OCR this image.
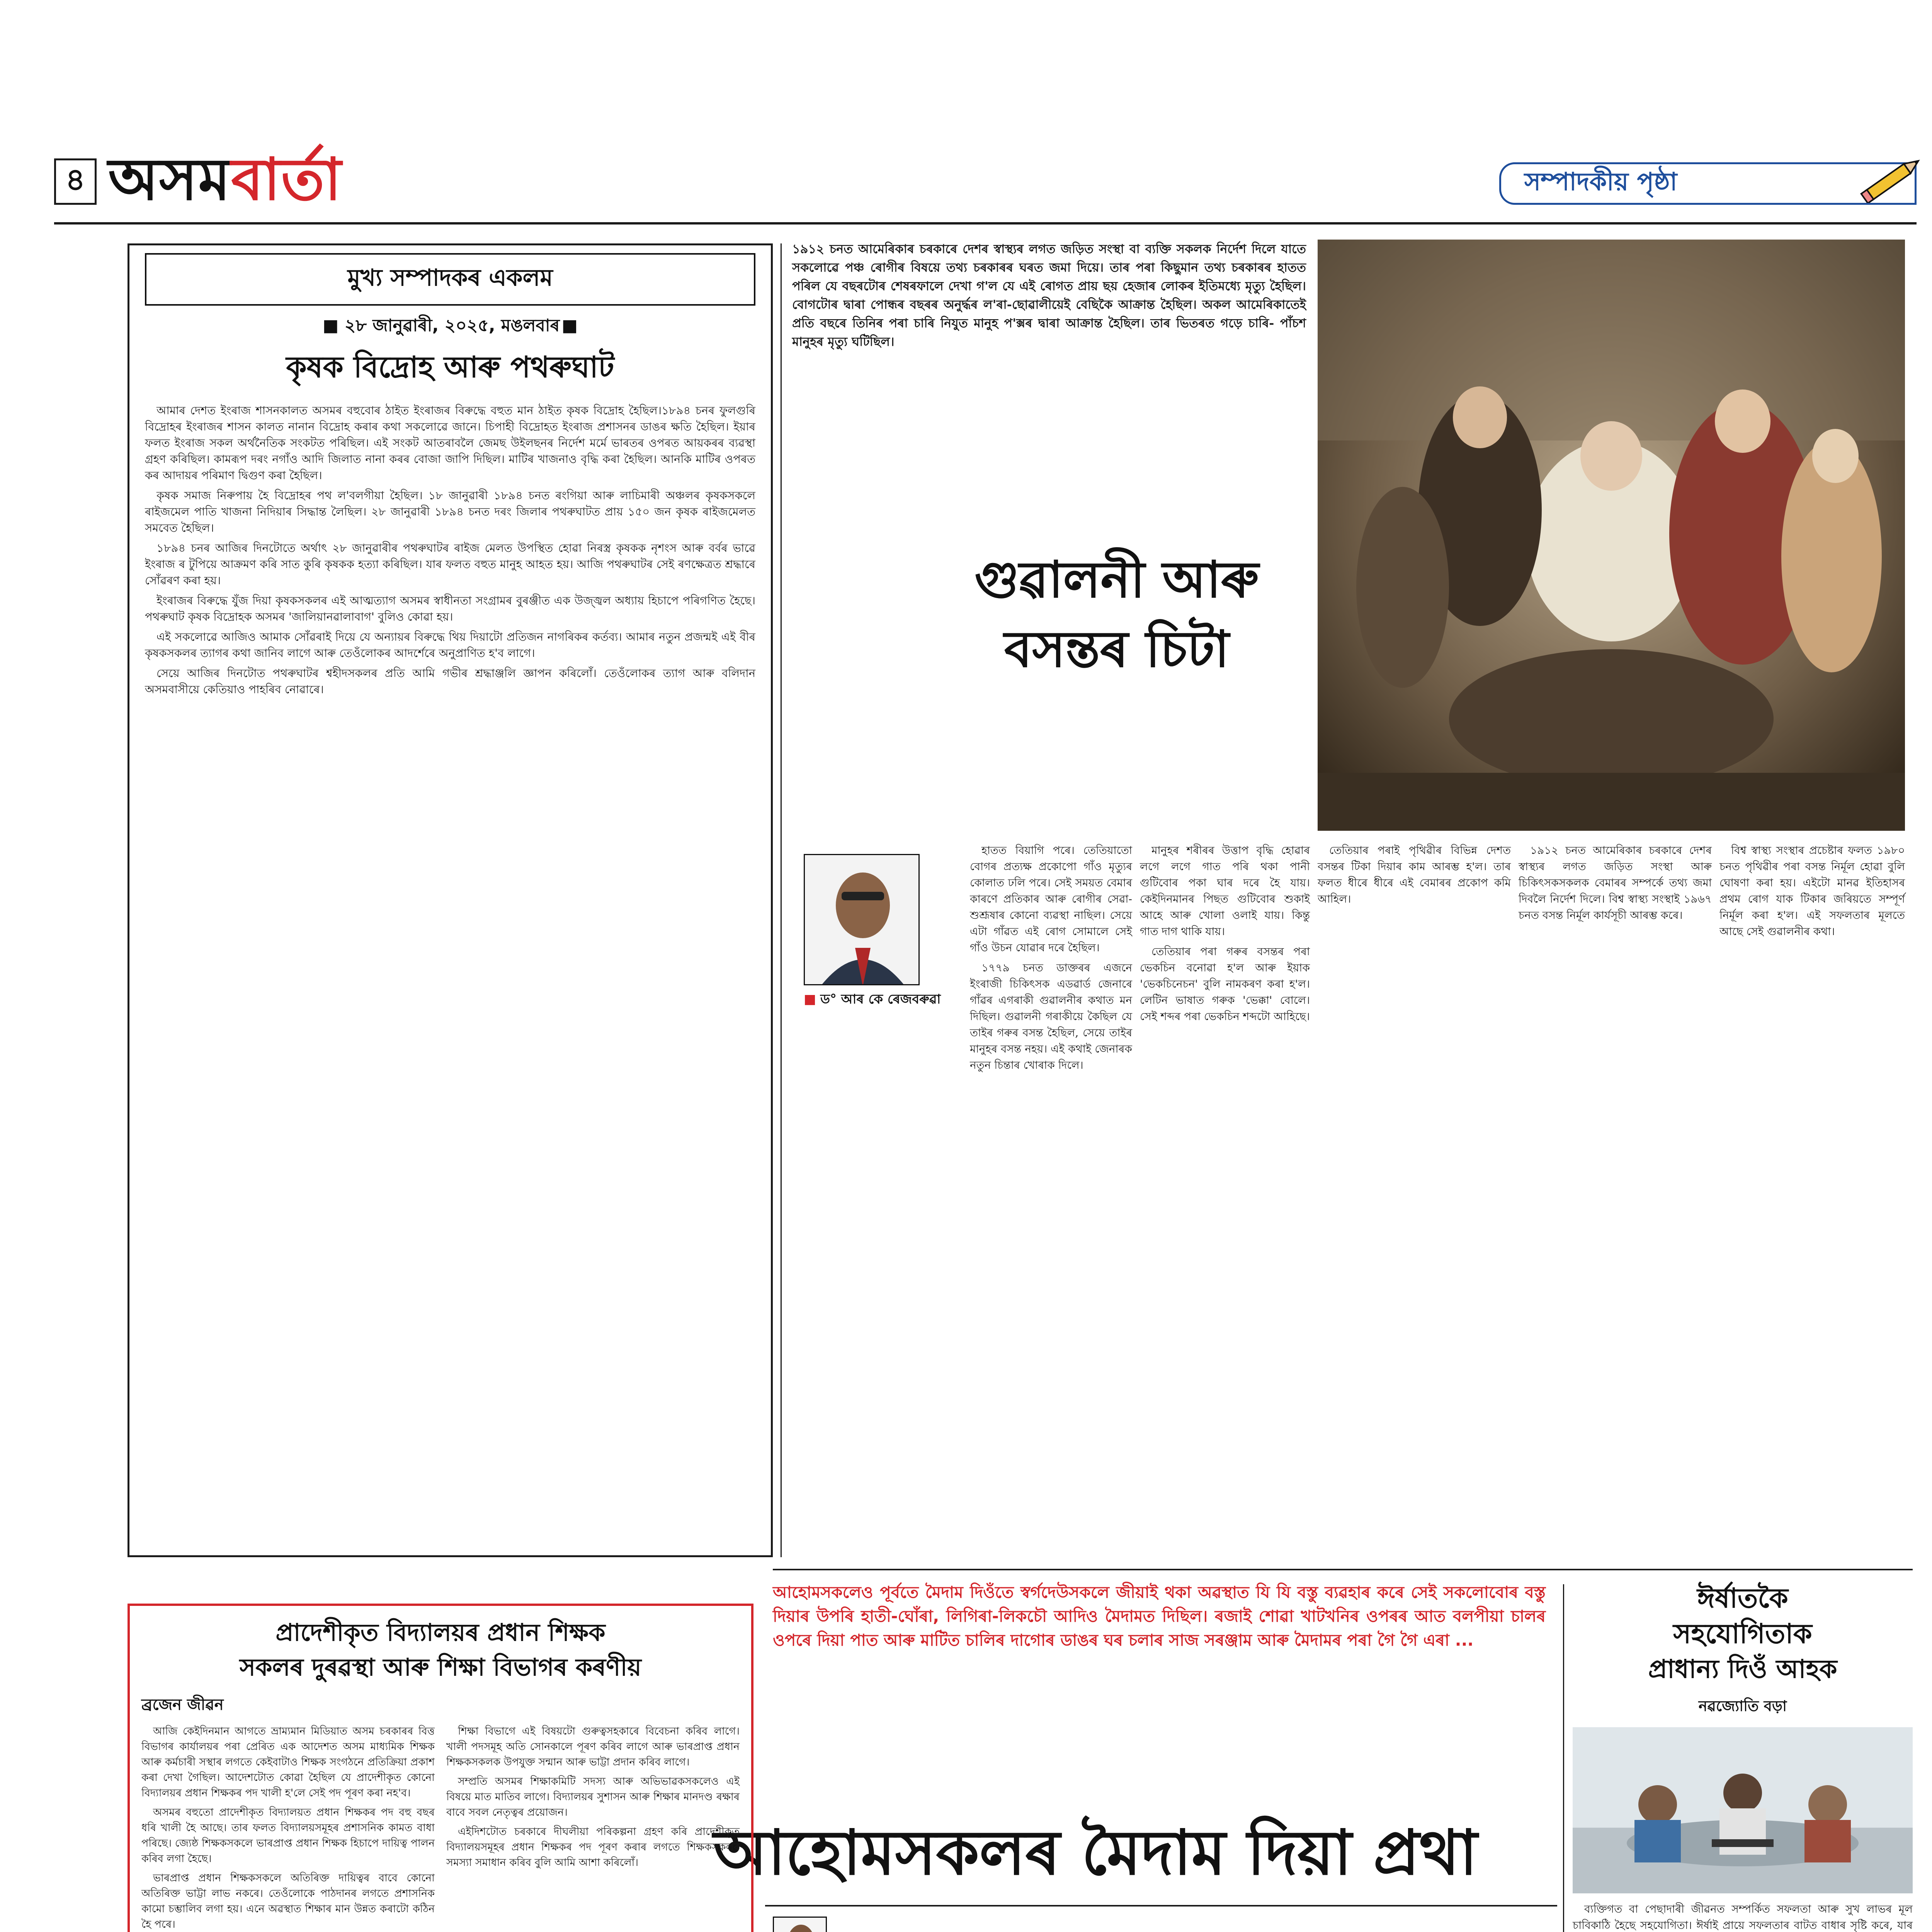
৪ অসম বাৰ্তা	সম্পাদকীয় পৃষ্ঠা
মুখ্য সম্পাদকৰ একলম
■ ২৮ জানুৱাৰী, ২০২৫, মঙলবাৰ ■
কৃষক বিদ্ৰোহ আৰু পথৰুঘাট

আমাৰ দেশত ইংৰাজ শাসনকালত অসমৰ বহুবোৰ ঠাইত ইংৰাজৰ বিৰুদ্ধে বহুত মান ঠাইত কৃষক বিদ্ৰোহ হৈছিল।১৮৯৪ চনৰ ফুলগুৰি বিদ্ৰোহৰ ইংৰাজৰ শাসন কালত নানান বিদ্ৰোহ কৰাৰ কথা সকলোৱে জানে। চিপাহী বিদ্ৰোহত ইংৰাজ প্ৰশাসনৰ ডাঙৰ ক্ষতি হৈছিল। ইয়াৰ ফলত ইংৰাজ সকল অৰ্থনৈতিক সংকটত পৰিছিল। এই সংকট আতৰাবলৈ জেমছ উইলছনৰ নিৰ্দেশ মৰ্মে ভাৰতৰ ওপৰত আয়কৰৰ ব্যৱস্থা গ্ৰহণ কৰিছিল। কামৰূপ দৰং নগাঁও আদি জিলাত নানা কৰৰ বোজা জাপি দিছিল। মাটিৰ খাজনাও বৃদ্ধি কৰা হৈছিল। আনকি মাটিৰ ওপৰত কৰ আদায়ৰ পৰিমাণ দ্বিগুণ কৰা হৈছিল।

কৃষক সমাজ নিৰুপায় হৈ বিদ্ৰোহৰ পথ ল'বলগীয়া হৈছিল। ১৮ জানুৱাৰী ১৮৯৪ চনত ৰংগিয়া আৰু লাচিমাৰী অঞ্চলৰ কৃষকসকলে ৰাইজমেল পাতি খাজনা নিদিয়াৰ সিদ্ধান্ত লৈছিল। ২৮ জানুৱাৰী ১৮৯৪ চনত দৰং জিলাৰ পথৰুঘাটত প্ৰায় ১৫০ জন কৃষক ৰাইজমেলত সমবেত হৈছিল।

১৮৯৪ চনৰ আজিৰ দিনটোতে অৰ্থাৎ ২৮ জানুৱাৰীৰ পথৰুঘাটৰ ৰাইজ মেলত উপস্থিত হোৱা নিৰস্ত্ৰ কৃষকক নৃশংস আৰু বৰ্বৰ ভাৱে ইংৰাজ ৰ টুপিয়ে আক্ৰমণ কৰি সাত কুৰি কৃষকক হত্যা কৰিছিল। যাৰ ফলত বহুত মানুহ আহত হয়। আজি পথৰুঘাটৰ সেই ৰণক্ষেত্ৰত শ্ৰদ্ধাৰে সোঁৱৰণ কৰা হয়।

ইংৰাজৰ বিৰুদ্ধে যুঁজ দিয়া কৃষকসকলৰ এই আত্মত্যাগ অসমৰ স্বাধীনতা সংগ্ৰামৰ বুৰঞ্জীত এক উজ্জ্বল অধ্যায় হিচাপে পৰিগণিত হৈছে। পথৰুঘাট কৃষক বিদ্ৰোহক অসমৰ 'জালিয়ানৱালাবাগ' বুলিও কোৱা হয়।

এই সকলোৱে আজিও আমাক সোঁৱৰাই দিয়ে যে অন্যায়ৰ বিৰুদ্ধে থিয় দিয়াটো প্ৰতিজন নাগৰিকৰ কৰ্তব্য। আমাৰ নতুন প্ৰজন্মই এই বীৰ কৃষকসকলৰ ত্যাগৰ কথা জানিব লাগে আৰু তেওঁলোকৰ আদৰ্শেৰে অনুপ্ৰাণিত হ'ব লাগে।

সেয়ে আজিৰ দিনটোত পথৰুঘাটৰ শ্বহীদসকলৰ প্ৰতি আমি গভীৰ শ্ৰদ্ধাঞ্জলি জ্ঞাপন কৰিলোঁ। তেওঁলোকৰ ত্যাগ আৰু বলিদান অসমবাসীয়ে কেতিয়াও পাহৰিব নোৱাৰে।

১৯১২ চনত আমেৰিকাৰ চৰকাৰে দেশৰ স্বাস্থ্যৰ লগত জড়িত সংস্থা বা ব্যক্তি সকলক নিৰ্দেশ দিলে যাতে সকলোৱে পঞ্চ ৰোগীৰ বিষয়ে তথ্য চৰকাৰৰ ঘৰত জমা দিয়ে। তাৰ পৰা কিছুমান তথ্য চৰকাৰৰ হাতত পৰিল যে বছৰটোৰ শেষৰফালে দেখা গ'ল যে এই ৰোগত প্ৰায় ছয় হেজাৰ লোকৰ ইতিমধ্যে মৃত্যু হৈছিল। বোগটোৰ দ্বাৰা পোন্ধৰ বছৰৰ অনুৰ্দ্ধৰ ল'ৰা-ছোৱালীয়েই বেছিকৈ আক্ৰান্ত হৈছিল। অকল আমেৰিকাতেই প্ৰতি বছৰে তিনিৰ পৰা চাৰি নিযুত মানুহ প'ক্সৰ দ্বাৰা আক্ৰান্ত হৈছিল। তাৰ ভিতৰত গড়ে চাৰি- পাঁচশ মানুহৰ মৃত্যু ঘটিছিল।
গুৱালনী আৰু
বসন্তৰ চিটা
■ ড° আৰ কে ৰেজবৰুৱা

হাতত বিয়াগি পৰে। তেতিয়াতো বোগৰ প্ৰত্যক্ষ প্ৰকোপো গাঁও মৃত্যুৰ কোলাত ঢলি পৰে। সেই সময়ত বেমাৰ কাৰণে প্ৰতিকাৰ আৰু ৰোগীৰ সেৱা-শুশ্ৰূষাৰ কোনো ব্যৱস্থা নাছিল। সেয়ে এটা গাঁৱত এই ৰোগ সোমালে সেই গাঁও উচন যোৱাৰ দৰে হৈছিল।

১৭৭৯ চনত ডাক্তৰৰ এজনে ইংৰাজী চিকিৎসক এডৱাৰ্ড জেনাৰে গাঁৱৰ এগৰাকী গুৱালনীৰ কথাত মন দিছিল। গুৱালনী গৰাকীয়ে কৈছিল যে তাইৰ গৰুৰ বসন্ত হৈছিল, সেয়ে তাইৰ মানুহৰ বসন্ত নহয়। এই কথাই জেনাৰক নতুন চিন্তাৰ খোৰাক দিলে।

মানুহৰ শৰীৰৰ উত্তাপ বৃদ্ধি হোৱাৰ লগে লগে গাত পৰি থকা পানী গুটিবোৰ পকা ঘাৰ দৰে হৈ যায়। কেইদিনমানৰ পিছত গুটিবোৰ শুকাই আহে আৰু খোলা ওলাই যায়। কিন্তু গাত দাগ থাকি যায়।

তেতিয়াৰ পৰা গৰুৰ বসন্তৰ পৰা ভেকচিন বনোৱা হ'ল আৰু ইয়াক 'ভেকচিনেচন' বুলি নামকৰণ কৰা হ'ল। লেটিন ভাষাত গৰুক 'ভেক্কা' বোলে। সেই শব্দৰ পৰা ভেকচিন শব্দটো আহিছে।

তেতিয়াৰ পৰাই পৃথিৱীৰ বিভিন্ন দেশত বসন্তৰ টিকা দিয়াৰ কাম আৰম্ভ হ'ল। তাৰ ফলত ধীৰে ধীৰে এই বেমাৰৰ প্ৰকোপ কমি আহিল।

১৯১২ চনত আমেৰিকাৰ চৰকাৰে দেশৰ স্বাস্থ্যৰ লগত জড়িত সংস্থা আৰু চিকিৎসকসকলক বেমাৰৰ সম্পৰ্কে তথ্য জমা দিবলৈ নিৰ্দেশ দিলে। বিশ্ব স্বাস্থ্য সংস্থাই ১৯৬৭ চনত বসন্ত নিৰ্মূল কাৰ্যসূচী আৰম্ভ কৰে।

বিশ্ব স্বাস্থ্য সংস্থাৰ প্ৰচেষ্টাৰ ফলত ১৯৮০ চনত পৃথিৱীৰ পৰা বসন্ত নিৰ্মূল হোৱা বুলি ঘোষণা কৰা হয়। এইটো মানৱ ইতিহাসৰ প্ৰথম ৰোগ যাক টিকাৰ জৰিয়তে সম্পূৰ্ণ নিৰ্মূল কৰা হ'ল। এই সফলতাৰ মূলতে আছে সেই গুৱালনীৰ কথা।

আহোমসকলেও পূৰ্বতে মৈদাম দিওঁতে স্বৰ্গদেউসকলে জীয়াই থকা অৱস্থাত যি যি বস্তু ব্যৱহাৰ কৰে সেই সকলোবোৰ বস্তু দিয়াৰ উপৰি হাতী-ঘোঁৰা, লিগিৰা-লিকচৌ আদিও মৈদামত দিছিল। ৰজাই শোৱা খাটখনিৰ ওপৰৰ আত বলপীয়া চালৰ ওপৰে দিয়া পাত আৰু মাটিত চালিৰ দাগোৰ ডাঙৰ ঘৰ চলাৰ সাজ সৰঞ্জাম আৰু মৈদামৰ পৰা গৈ গৈ এৰা ...
আহোমসকলৰ মৈদাম দিয়া প্ৰথা
ঈৰ্ষাতকৈ
সহযোগিতাক
প্ৰাধান্য দিওঁ আহক
নৱজ্যোতি বড়া

ব্যক্তিগত বা পেছাদাৰী জীৱনত সম্পৰ্কিত সফলতা আৰু সুখ লাভৰ মূল চাবিকাঠি হৈছে সহযোগিতা। ঈৰ্ষাই প্ৰায়ে সফলতাৰ বাটত বাধাৰ সৃষ্টি কৰে, যাৰ

প্ৰাদেশীকৃত বিদ্যালয়ৰ প্ৰধান শিক্ষক
সকলৰ দুৰৱস্থা আৰু শিক্ষা বিভাগৰ কৰণীয়
ব্ৰজেন জীৱন

আজি কেইদিনমান আগতে ভ্ৰাম্যমান মিডিয়াত অসম চৰকাৰৰ বিত্ত বিভাগৰ কাৰ্যালয়ৰ পৰা প্ৰেৰিত এক আদেশত অসম মাধ্যমিক শিক্ষক আৰু কৰ্মচাৰী সস্থাৰ লগতে কেইবাটাও শিক্ষক সংগঠনে প্ৰতিক্ৰিয়া প্ৰকাশ কৰা দেখা গৈছিল। আদেশটোত কোৱা হৈছিল যে প্ৰাদেশীকৃত কোনো বিদ্যালয়ৰ প্ৰধান শিক্ষকৰ পদ খালী হ'লে সেই পদ পূৰণ কৰা নহ'ব।

অসমৰ বহুতো প্ৰাদেশীকৃত বিদ্যালয়ত প্ৰধান শিক্ষকৰ পদ বহু বছৰ ধৰি খালী হৈ আছে। তাৰ ফলত বিদ্যালয়সমূহৰ প্ৰশাসনিক কামত বাধা পৰিছে। জ্যেষ্ঠ শিক্ষকসকলে ভাৰপ্ৰাপ্ত প্ৰধান শিক্ষক হিচাপে দায়িত্ব পালন কৰিব লগা হৈছে।

ভাৰপ্ৰাপ্ত প্ৰধান শিক্ষকসকলে অতিৰিক্ত দায়িত্বৰ বাবে কোনো অতিৰিক্ত ভাট্টা লাভ নকৰে। তেওঁলোকে পাঠদানৰ লগতে প্ৰশাসনিক কামো চম্ভালিব লগা হয়। এনে অৱস্থাত শিক্ষাৰ মান উন্নত কৰাটো কঠিন হৈ পৰে।

শিক্ষা বিভাগে এই বিষয়টো গুৰুত্বসহকাৰে বিবেচনা কৰিব লাগে। খালী পদসমূহ অতি সোনকালে পূৰণ কৰিব লাগে আৰু ভাৰপ্ৰাপ্ত প্ৰধান শিক্ষকসকলক উপযুক্ত সন্মান আৰু ভাট্টা প্ৰদান কৰিব লাগে।

সম্প্ৰতি অসমৰ শিক্ষাকমিটি সদস্য আৰু অভিভাৱকসকলেও এই বিষয়ে মাত মাতিব লাগে। বিদ্যালয়ৰ সুশাসন আৰু শিক্ষাৰ মানদণ্ড ৰক্ষাৰ বাবে সবল নেতৃত্বৰ প্ৰয়োজন।

এইদিশটোত চৰকাৰে দীঘলীয়া পৰিকল্পনা গ্ৰহণ কৰি প্ৰাদেশীকৃত বিদ্যালয়সমূহৰ প্ৰধান শিক্ষকৰ পদ পূৰণ কৰাৰ লগতে শিক্ষকসকলৰ সমস্যা সমাধান কৰিব বুলি আমি আশা কৰিলোঁ।
